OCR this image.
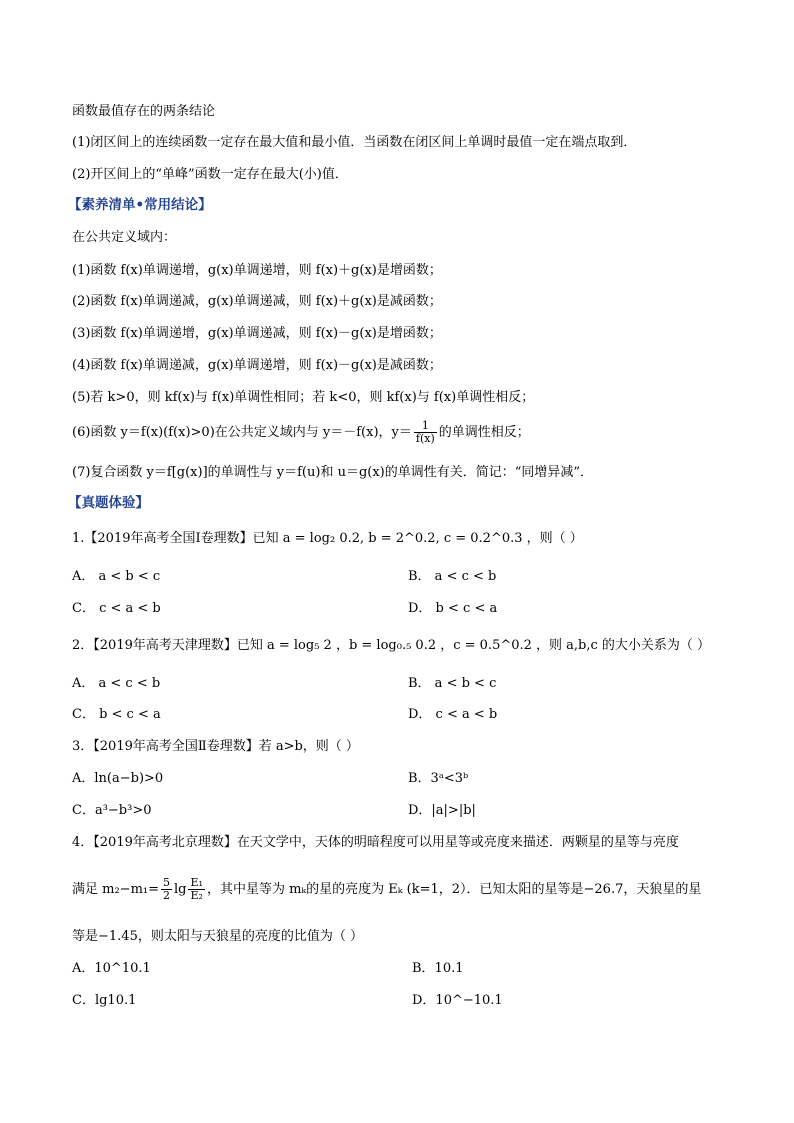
函数最值存在的两条结论
(1)闭区间上的连续函数一定存在最大值和最小值．当函数在闭区间上单调时最值一定在端点取到．
(2)开区间上的“单峰”函数一定存在最大(小)值．
【素养清单•常用结论】
在公共定义域内：
(1)函数 f(x)单调递增，g(x)单调递增，则 f(x)＋g(x)是增函数；
(2)函数 f(x)单调递减，g(x)单调递减，则 f(x)＋g(x)是减函数；
(3)函数 f(x)单调递增，g(x)单调递减，则 f(x)－g(x)是增函数；
(4)函数 f(x)单调递减，g(x)单调递增，则 f(x)－g(x)是减函数；
(5)若 k>0，则 kf(x)与 f(x)单调性相同；若 k<0，则 kf(x)与 f(x)单调性相反；
(6)函数 y＝f(x)(f(x)>0)在公共定义域内与 y＝－f(x)，$y= \frac{1}{f(x)}$ 的单调性相反；
(7)复合函数 y＝f[g(x)]的单调性与 y＝f(u)和 u＝g(x)的单调性有关．简记：“同增异减”．
【真题体验】
1.【2019年高考全国Ⅰ卷理数】已知 a = log₂ 0.2, b = 2^0.2, c = 0.2^0.3 ，则（ ）
A． a < b < c	B． a < c < b
C． c < a < b	D． b < c < a
2．【2019年高考天津理数】已知 a = log₅ 2 ，b = log₀.₅ 0.2 ，c = 0.5^0.2 ，则 a,b,c 的大小关系为（ ）
A． a < c < b	B． a < b < c
C． b < c < a	D． c < a < b
3．【2019年高考全国Ⅱ卷理数】若 a>b，则（ ）
A．ln(a−b)>0	B．3ᵃ<3ᵇ
C．a³−b³>0	D．|a|>|b|
4．【2019年高考北京理数】在天文学中，天体的明暗程度可以用星等或亮度来描述．两颗星的星等与亮度
满足 $m_2-m_1= \frac{5}{2}$ $\lg \frac{\text{E₁}}{\text{E₂}}$ ，其中星等为 mₖ的星的亮度为 Eₖ (k=1，2）．已知太阳的星等是−26.7，天狼星的星
等是−1.45，则太阳与天狼星的亮度的比值为（ ）
A．10^10.1	B．10.1
C．lg10.1	D．10^−10.1
